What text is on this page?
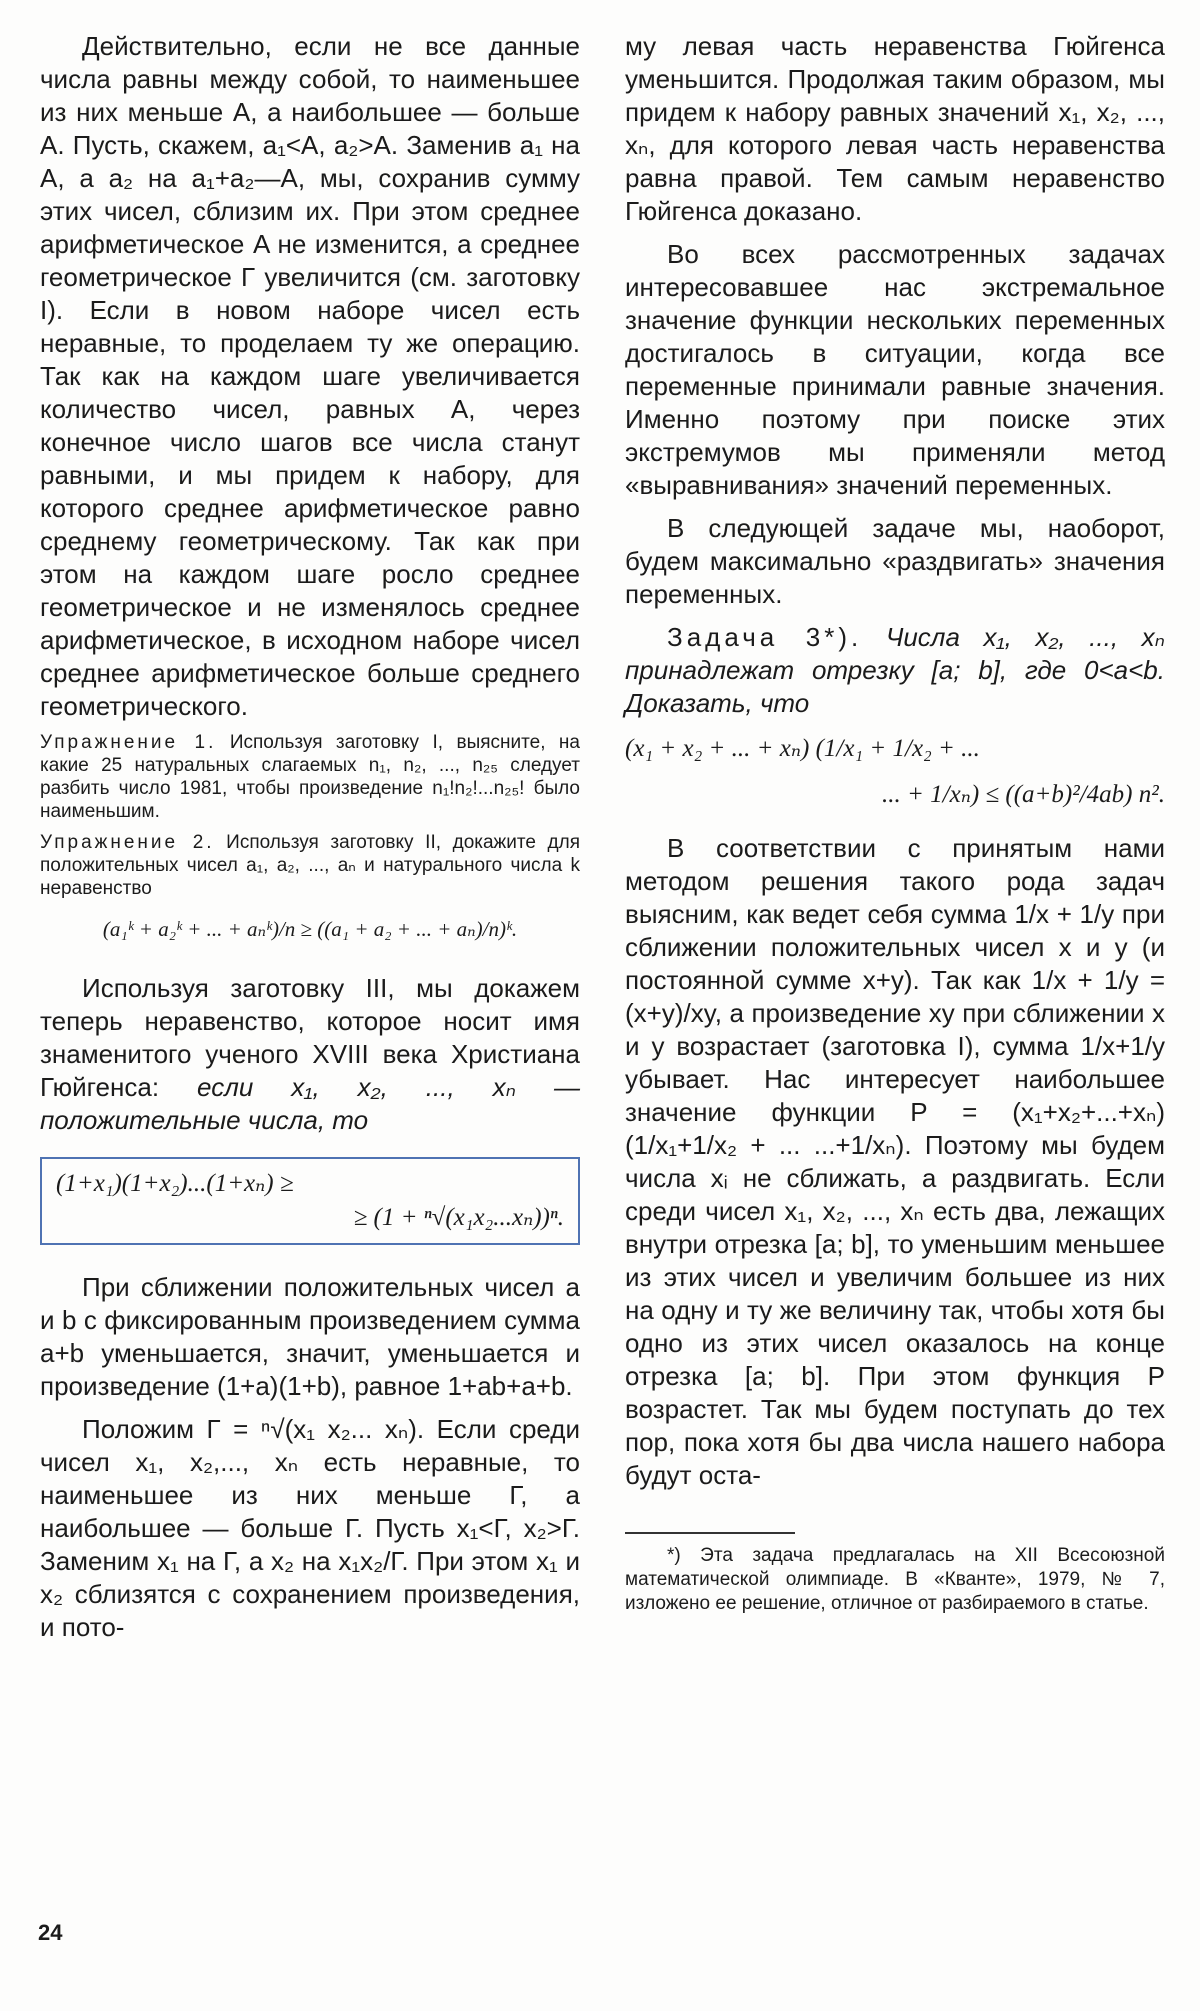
Действительно, если не все данные числа равны между собой, то наименьшее из них меньше A, а наибольшее — больше A. Пусть, скажем, a₁<A, a₂>A. Заменив a₁ на A, а a₂ на a₁+a₂—A, мы, сохранив сумму этих чисел, сблизим их. При этом среднее арифметическое A не изменится, а среднее геометрическое Г увеличится (см. заготовку I). Если в новом наборе чисел есть неравные, то проделаем ту же операцию. Так как на каждом шаге увеличивается количество чисел, равных A, через конечное число шагов все числа станут равными, и мы придем к набору, для которого среднее арифметическое равно среднему геометрическому. Так как при этом на каждом шаге росло среднее геометрическое и не изменялось среднее арифметическое, в исходном наборе чисел среднее арифметическое больше среднего геометрического.

Упражнение 1. Используя заготовку I, выясните, на какие 25 натуральных слагаемых n₁, n₂, ..., n₂₅ следует разбить число 1981, чтобы произведение n₁!n₂!...n₂₅! было наименьшим.
Упражнение 2. Используя заготовку II, докажите для положительных чисел a₁, a₂, ..., aₙ и натурального числа k неравенство
(a₁ᵏ + a₂ᵏ + ... + aₙᵏ)/n ≥ ((a₁ + a₂ + ... + aₙ)/n)ᵏ.

Используя заготовку III, мы докажем теперь неравенство, которое носит имя знаменитого ученого XVIII века Христиана Гюйгенса: если x₁, x₂, ..., xₙ — положительные числа, то

(1+x₁)(1+x₂)...(1+xₙ) ≥
≥ (1 + ⁿ√(x₁x₂...xₙ))ⁿ.

При сближении положительных чисел a и b с фиксированным произведением сумма a+b уменьшается, значит, уменьшается и произведение (1+a)(1+b), равное 1+ab+a+b.

Положим Г = ⁿ√(x₁ x₂... xₙ). Если среди чисел x₁, x₂,..., xₙ есть неравные, то наименьшее из них меньше Г, а наибольшее — больше Г. Пусть x₁<Г, x₂>Г. Заменим x₁ на Г, а x₂ на x₁x₂/Г. При этом x₁ и x₂ сблизятся с сохранением произведения, и пото-

му левая часть неравенства Гюйгенса уменьшится. Продолжая таким образом, мы придем к набору равных значений x₁, x₂, ..., xₙ, для которого левая часть неравенства равна правой. Тем самым неравенство Гюйгенса доказано.

Во всех рассмотренных задачах интересовавшее нас экстремальное значение функции нескольких переменных достигалось в ситуации, когда все переменные принимали равные значения. Именно поэтому при поиске этих экстремумов мы применяли метод «выравнивания» значений переменных.

В следующей задаче мы, наоборот, будем максимально «раздвигать» значения переменных.

Задача 3*). Числа x₁, x₂, ..., xₙ принадлежат отрезку [a; b], где 0<a<b. Доказать, что

(x₁ + x₂ + ... + xₙ) (1/x₁ + 1/x₂ + ...
... + 1/xₙ) ≤ ((a+b)²/4ab) n².

В соответствии с принятым нами методом решения такого рода задач выясним, как ведет себя сумма 1/x + 1/y при сближении положительных чисел x и y (и постоянной сумме x+y). Так как 1/x + 1/y = (x+y)/xy, а произведение xy при сближении x и y возрастает (заготовка I), сумма 1/x+1/y убывает. Нас интересует наибольшее значение функции P = (x₁+x₂+...+xₙ)(1/x₁+1/x₂ + ... ...+1/xₙ). Поэтому мы будем числа xᵢ не сближать, а раздвигать. Если среди чисел x₁, x₂, ..., xₙ есть два, лежащих внутри отрезка [a; b], то уменьшим меньшее из этих чисел и увеличим большее из них на одну и ту же величину так, чтобы хотя бы одно из этих чисел оказалось на конце отрезка [a; b]. При этом функция P возрастет. Так мы будем поступать до тех пор, пока хотя бы два числа нашего набора будут оста-

*) Эта задача предлагалась на XII Всесоюзной математической олимпиаде. В «Кванте», 1979, № 7, изложено ее решение, отличное от разбираемого в статье.
24
